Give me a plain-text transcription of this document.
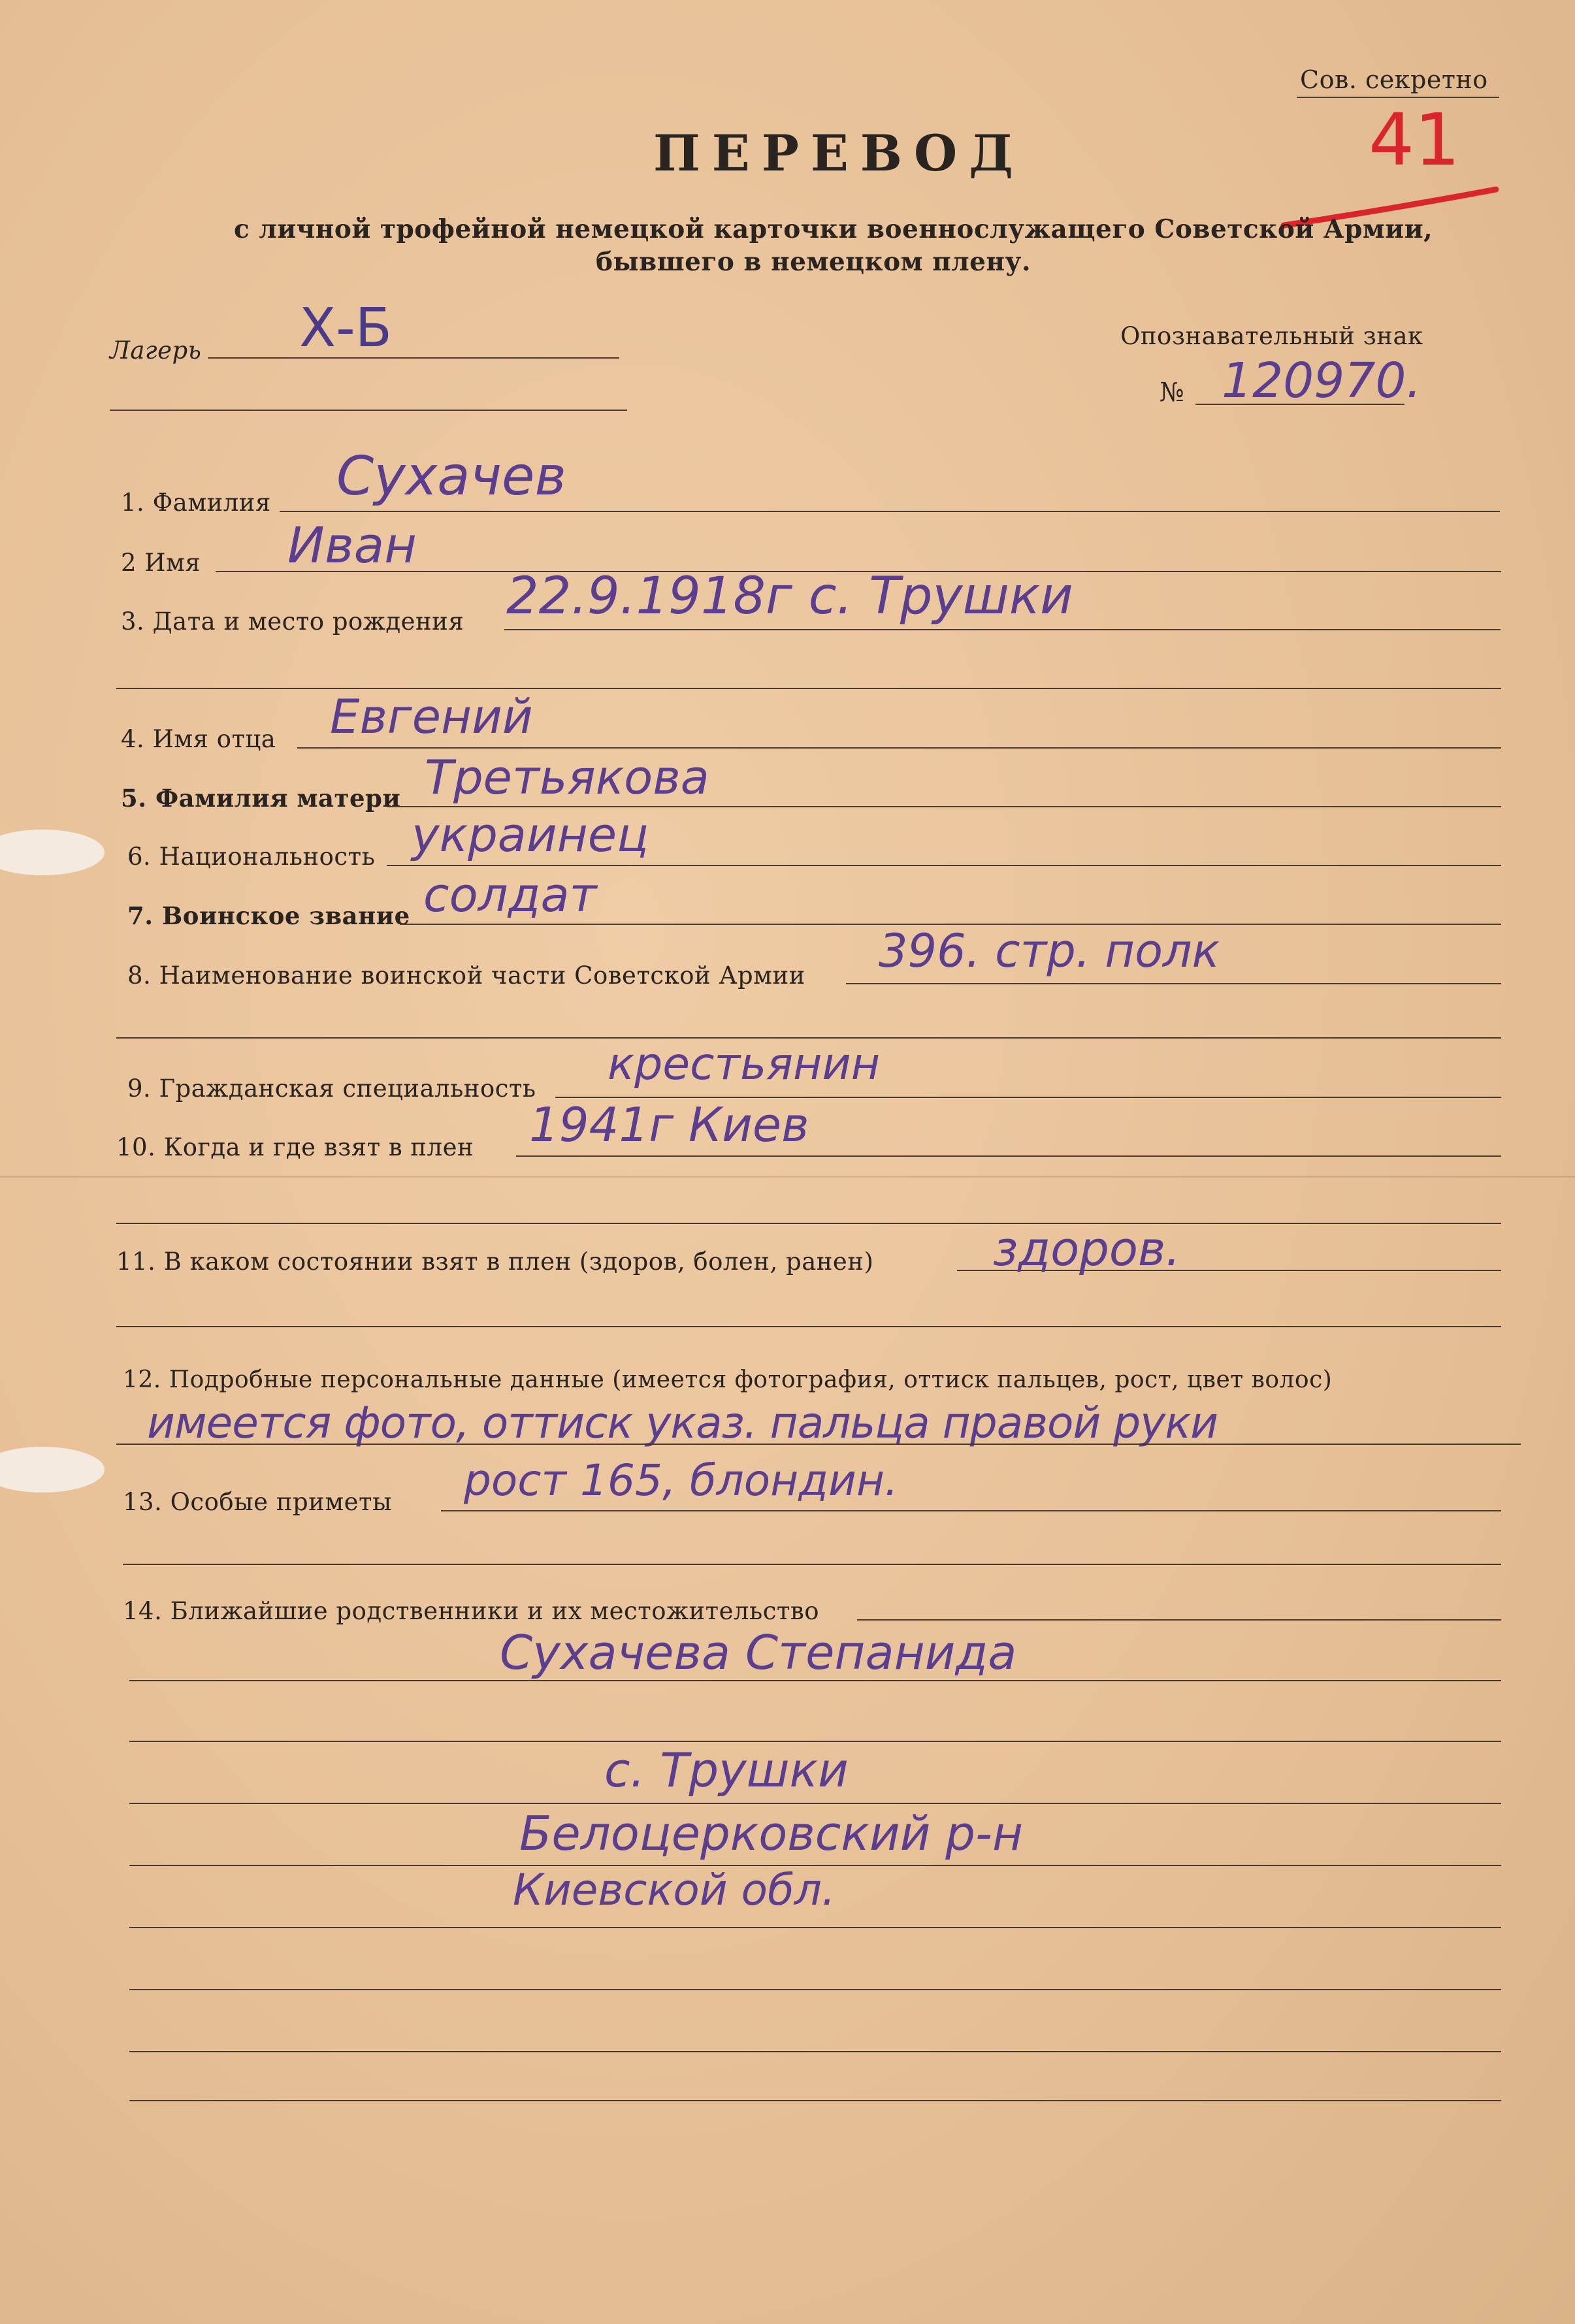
Сов. секретно
41
ПЕРЕВОД
с личной трофейной немецкой карточки военнослужащего Советской Армии,
бывшего в немецком плену.
Лагерь Х-Б	Опознавательный знак
№ 120970.
1. Фамилия Сухачев
2 Имя Иван
3. Дата и место рождения 22.9.1918г с. Трушки
4. Имя отца Евгений
5. Фамилия матери Третьякова
6. Национальность украинец
7. Воинское звание солдат
8. Наименование воинской части Советской Армии 396. стр. полк
9. Гражданская специальность крестьянин
10. Когда и где взят в плен 1941г Киев
11. В каком состоянии взят в плен (здоров, болен, ранен)	здоров.
12. Подробные персональные данные (имеется фотография, оттиск пальцев, рост, цвет волос)
имеется фото, оттиск указ. пальца правой руки
13. Особые приметы рост 165, блондин.
14. Ближайшие родственники и их местожительство
Сухачева Степанида
с. Трушки
Белоцерковский р-н
Киевской обл.
